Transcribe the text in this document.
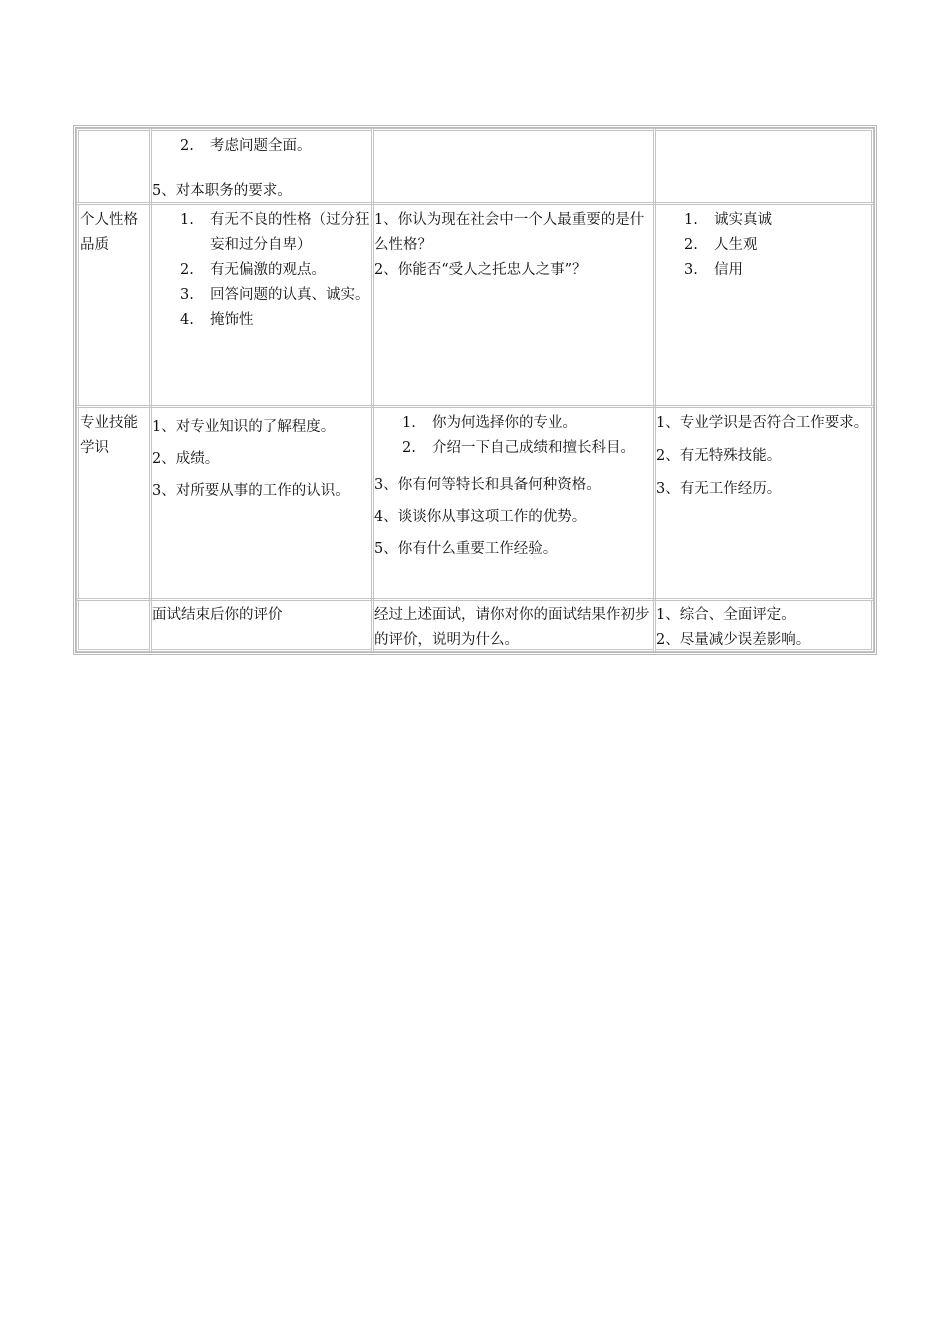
2. 考虑问题全面。

5、对本职务的要求。

个人性格品质
1. 有无不良的性格（过分狂妄和过分自卑）
2. 有无偏激的观点。
3. 回答问题的认真、诚实。
4. 掩饰性

1、你认为现在社会中一个人最重要的是什么性格？

2、你能否“受人之托忠人之事”？

1. 诚实真诚
2. 人生观
3. 信用
专业技能学识

1、对专业知识的了解程度。

2、成绩。

3、对所要从事的工作的认识。

1. 你为何选择你的专业。
2. 介绍一下自己成绩和擅长科目。

3、你有何等特长和具备何种资格。

4、谈谈你从事这项工作的优势。

5、你有什么重要工作经验。

1、专业学识是否符合工作要求。

2、有无特殊技能。

3、有无工作经历。

面试结束后你的评价	经过上述面试，请你对你的面试结果作初步的评价，说明为什么。

1、综合、全面评定。

2、尽量减少误差影响。
